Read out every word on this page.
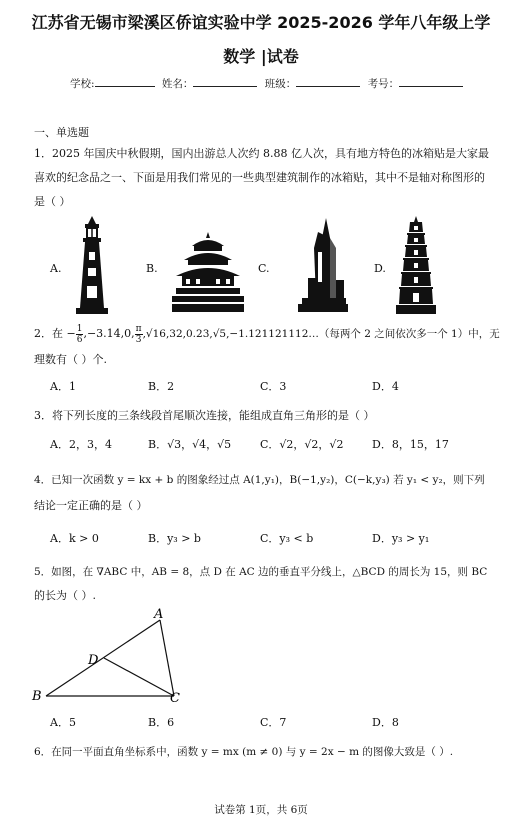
江苏省无锡市梁溪区侨谊实验中学 2025-2026 学年八年级上学
数学 |试卷
学校:	姓名：	班级：	考号：
一、单选题
1．2025 年国庆中秋假期，国内出游总人次约 8.88 亿人次，具有地方特色的冰箱贴是大家最喜欢的纪念品之一、下面是用我们常见的一些典型建筑制作的冰箱贴，其中不是轴对称图形的是（ ）
A.	B.	C.	D.
2．在 − $\frac{1}{6} ,-3.14,0$, $\frac{\pi}{3}$ ,√16,32,0.23,√5,−1.121121112…（每两个 2 之间依次多一个 1）中，无
理数有（ ）个.
A．1	B．2	C．3	D．4
3．将下列长度的三条线段首尾顺次连接，能组成直角三角形的是（ ）
A．2，3，4	B．√3，√4，√5	C．√2，√2，√2	D．8，15，17
4．已知一次函数 y = kx + b 的图象经过点 A(1,y₁)，B(−1,y₂)，C(−k,y₃) 若 y₁ < y₂，则下列
结论一定正确的是（ ）
A．k > 0	B．y₃ > b	C．y₃ < b	D．y₃ > y₁
5．如图，在 ∇ABC 中，AB = 8，点 D 在 AC 边的垂直平分线上，△BCD 的周长为 15，则 BC
的长为（ ）.
A
B	C
D
A．5	B．6	C．7	D．8
6．在同一平面直角坐标系中，函数 y = mx (m ≠ 0) 与 y = 2x − m 的图像大致是（ ）.
试卷第 1页，共 6页
